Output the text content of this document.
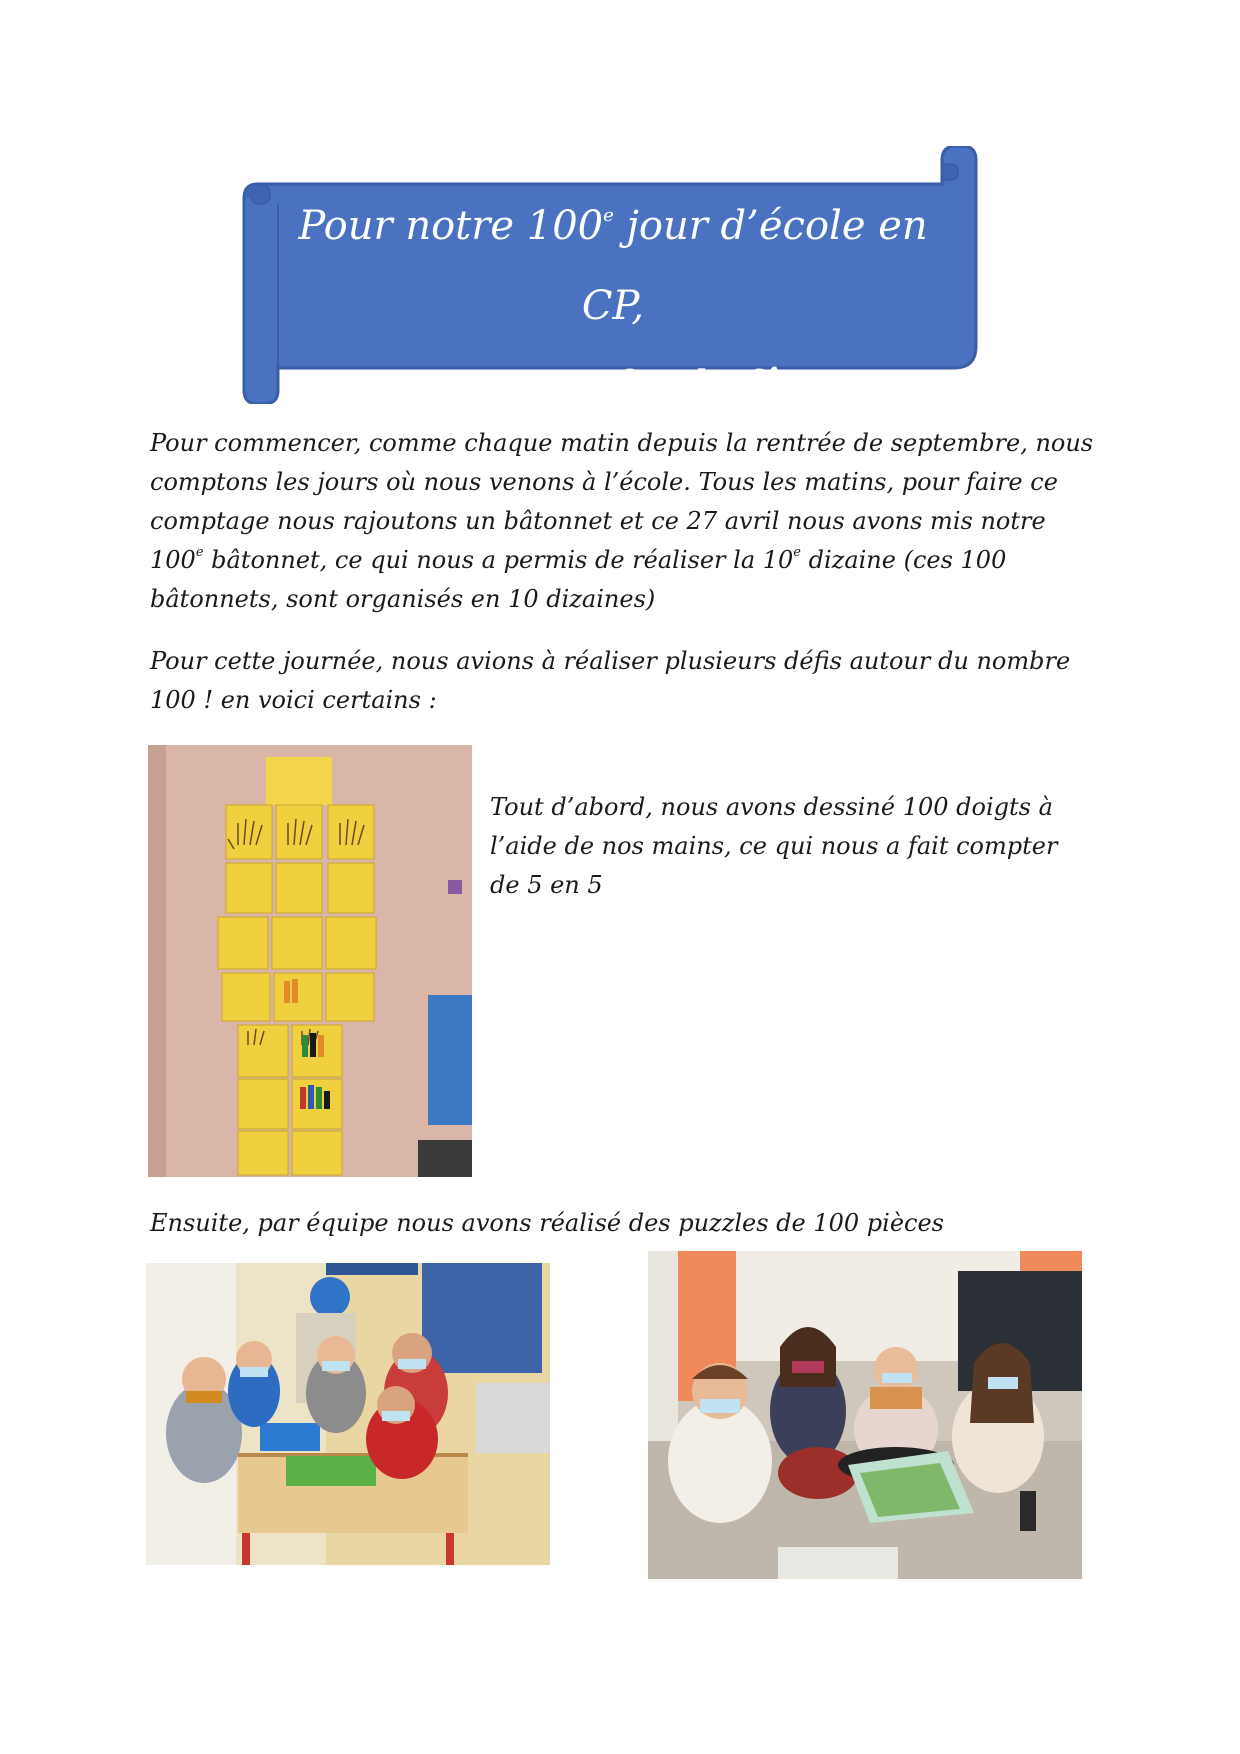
Pour notre 100e jour d’école en CP,
nous avons fait la fête !

Pour commencer, comme chaque matin depuis la rentrée de septembre, nous comptons les jours où nous venons à l’école. Tous les matins, pour faire ce comptage nous rajoutons un bâtonnet et ce 27 avril nous avons mis notre 100e bâtonnet, ce qui nous a permis de réaliser la 10e dizaine (ces 100 bâtonnets, sont organisés en 10 dizaines)

Pour cette journée, nous avions à réaliser plusieurs défis autour du nombre 100 ! en voici certains :

Tout d’abord, nous avons dessiné 100 doigts à l’aide de nos mains, ce qui nous a fait compter de 5 en 5

Ensuite, par équipe nous avons réalisé des puzzles de 100 pièces
